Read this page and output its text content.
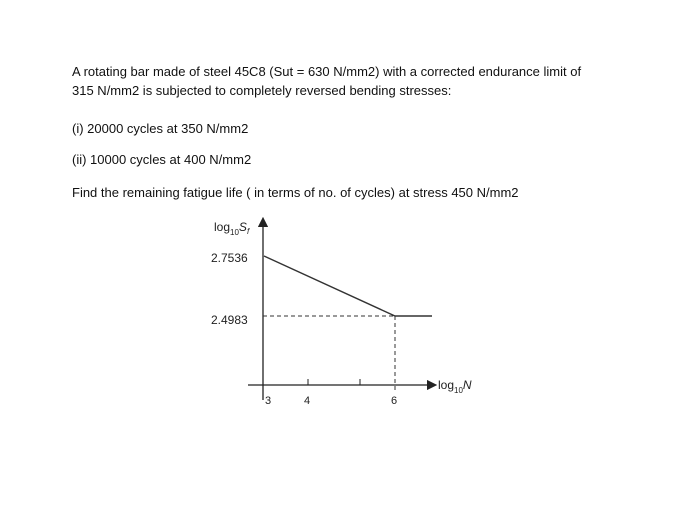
A rotating bar made of steel 45C8 (Sut = 630 N/mm2) with a corrected endurance limit of
315 N/mm2 is subjected to completely reversed bending stresses:
(i) 20000 cycles at 350 N/mm2
(ii) 10000 cycles at 400 N/mm2
Find the remaining fatigue life ( in terms of no. of cycles) at stress 450 N/mm2
$\log_{10}S_f$
$\log_{10}N$
2.7536
2.4983
3	4	6
